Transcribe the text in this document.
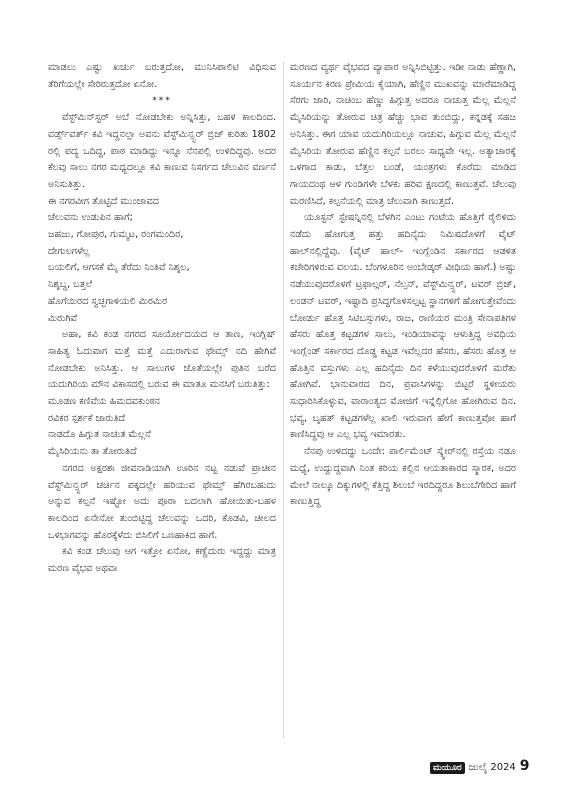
ಮಾಡಲು ಎಷ್ಟು ಖರ್ಚು ಬರುತ್ತದೋ, ಮುನಿಸಿಪಾಲಿಟಿ ವಿಧಿಸುವ ತೆರಿಗೆಯಲ್ಲೇ ಸೇರಿರುತ್ತದೋ ಏನೋ.

***

ವೆಸ್ಟ್‌ಮಿನ್‌ಸ್ಟರ್ ಅಬೆ ನೋಡಬೇಕು ಅನ್ನಿಸಿತ್ತು, ಬಹಳ ಕಾಲದಿಂದ. ವರ್ಡ್ಸ್‌ವರ್ತ್ ಕವಿ ಇದ್ದನಲ್ಲಾ ಅವನು ವೆಸ್ಟ್‌ಮಿನ್ಸ್ಟರ್ ಬ್ರಿಜ್ ಕುರಿತು 1802 ರಲ್ಲಿ ಪದ್ಯ ಒದಿದ್ದ, ಪಾಠ ಮಾಡಿದ್ದು ಇನ್ನೂ ನೆನಪಲ್ಲಿ ಉಳಿದಿದ್ದವು. ಅದರ ಕೆಲವು ಸಾಲು ನಗರ ಮಧ್ಯದಲ್ಲೂ ಕವಿ ಕಾಣುವ ನಿಸರ್ಗದ ಚೆಲುವಿನ ವರ್ಣನೆ ಅನಿಸುತಿತ್ತು.

ಈ ನಗರವೀಗ ತೊಟ್ಟಿದೆ ಮುಂಜಾವದ
ಚೆಲುವನು ಉಡುಪಿನ ಹಾಗೆ;
ಜಹಜು, ಗೋಪುರ, ಗುಮ್ಮಟ, ರಂಗಮಂದಿರ,
ದೇಗುಲಗಳೆಲ್ಲ
ಬಯಲಿಗೆ, ಆಗಸಕೆ ಮೈ ತೆರೆದು ನಿಂತಿವೆ ನಿಶ್ಶಲ,
ನಿಶ್ಶಬ್ದ, ಬತ್ತಲೆ
ಹೊಗೆಯಿರದ ಸ್ವಚ್ಛಗಾಳಿಯಲಿ ಮಿರಮಿರ
ಮಿರುಗಿವೆ

ಅಹಾ, ಕವಿ ಕಂಡ ನಗರದ ಸೂರ್ಯೋದಯದ ಆ ತಾಣ, ಇಂಗ್ಲಿಷ್ ಸಾಹಿತ್ಯ ಓದುವಾಗ ಮತ್ತೆ ಮತ್ತೆ ಎದುರಾಗುವ ಥೇಮ್ಸ್ ನದಿ ಹೇಗಿವೆ ನೋಡಬೇಕು ಅನಿಸಿತ್ತು. ಆ ಸಾಲುಗಳ ಜೊತೆಯಲ್ಲೇ ಪುತಿನ ಬರೆದ ಯದುಗಿರಿಯ ಮೌನ ವಿಕಾಸದಲ್ಲಿ ಬರುವ ಈ ಮಾತೂ ಮನಸಿಗೆ ಬರುತಿತ್ತು:

ಮೂಡಣ ಕಣಿವೆಯ ಹಿಮದವಕುಂಠನ
ರವಿಕರ ಸ್ಪರ್ಶಕೆ ಜಾರುತಿದೆ
ನಾಡದೊ ಹಿಗ್ಗುತ ನಾಚುತ ಮೆಲ್ಲನೆ
ಮೈಸಿರಿಯನು ತಾ ತೋರುತಿದೆ

ನಗರದ ಅಕ್ಷರಶಃ ಜೀವನಾಡಿಯಾಗಿ ಊರಿನ ನಟ್ಟ ನಡುವೆ ಪ್ರಾಚೀನ ವೆಸ್ಟ್‌ಮಿನ್ಸ್ಟರ್ ಚರ್ಚಿನ ಪಕ್ಕದಲ್ಲೇ ಹರಿಯುವ ಥೇಮ್ಸ್ ಹೆಗಿರಬಹುದು ಅನ್ನುವ ಕಲ್ಪನೆ ಇಷ್ಟೋ ಅದು ಪೂರಾ ಬದಲಾಗಿ ಹೋಯಿತು-ಬಹಳ ಕಾಲದಿಂದ ಏನೇನೋ ತುಂಬಿಟ್ಟಿದ್ದ ಚೆಲುವನ್ನು ಒದರಿ, ಕೊಡವಿ, ಚೀಲದ ಒಳಭಾಗವನ್ನು ಹೊರಕ್ಕೆಳೆದು ಬಿಸಿಲಿಗೆ ಒಣಹಾಕಿದ ಹಾಗೆ.

ಕವಿ ಕಂಡ ಚೆಲುವು ಆಗ ಇತ್ತೋ ಏನೋ, ಕಣ್ಣೆದುರು ಇದ್ದದ್ದು ಮಾತ್ರ ಮರಣ ವೈಭವ ಅಥವಾ

ಮರಣದ ವ್ಯರ್ಥ ವೈಭವದ ವ್ಯಾಪಾರ ಅನ್ನಿಸಿಬಿಟ್ಟಿತ್ತು. ಇಡೀ ನಾಡು ಹೆಣ್ಣಾಗಿ, ಸೂರ್ಯನ ಕಿರಣ ಪ್ರೇಮಿಯ ಕೈಯಾಗಿ, ಹೆಣ್ಣಿನ ಮುಖವನ್ನು ಮಾರೆಮಾಡಿದ್ದ ಸೆರಗು ಜಾರಿ, ನಾಚಿಂಬ ಹೆಣ್ಣು ಹಿಗ್ಗುತ್ತ ಅದರೂ ನಾಚುತ್ತ ಮೆಲ್ಲ ಮೆಲ್ಲನೆ ಮೈಸಿರಿಯನ್ನು ತೋರುವ ಚಿತ್ರ ಹೆಚ್ಚು ಭಾವ ತುಂಬಿದ್ದು, ಕನ್ನಡಕ್ಕೆ ಸಹಜ ಅನಿಸಿತ್ತು. ಈಗ ಯಾವ ಯದುಗಿರಿಯಲ್ಲೂ ನಾಚುವ, ಹಿಗ್ಗುವ ಮೆಲ್ಲ ಮೆಲ್ಲನೆ ಮೈಸಿರಿಯ ತೋರುವ ಹೆಣ್ಣಿನ ಕಲ್ಪನೆ ಬರಲು ಸಾಧ್ಯವೇ ಇಲ್ಲ. ಅತ್ಯಾಚಾರಕ್ಕೆ ಒಳಗಾದ ಕಾಡು, ಬೆತ್ತಲ ಬಂಡೆ, ಯಂತ್ರಗಳು ಕೊರೆದು ಮಾಡಿದ ಗಾಯದಂಥ ಆಳ ಗುಂಡಿಗಳೇ ಬೆಳಕು ಹರಿವ ಕ್ಷಣದಲ್ಲಿ ಕಾಣುತ್ತವೆ. ಚೆಲುವು ಮರಣಿಸಿದೆ, ಕಲ್ಪನೆಯಲ್ಲಿ ಮಾತ್ರ ಚೆಲುವಾಗಿ ಕಾಣುತ್ತದೆ.

ಯೂಸ್ಟನ್ ಸ್ಟೇಷನ್ನಿನಲ್ಲಿ ಬೆಳಗಿನ ಎಂಟು ಗಂಟೆಯ ಹೊತ್ತಿಗೆ ರೈಲಿಳಿದು ನಡೆದು ಹೋಗುತ್ತ ಹತ್ತು ಹದಿನೈದು ನಿಮಿಷದೊಳಗೆ ವೈಟ್ ಹಾಲ್‌ನಲ್ಲಿದ್ದೆವು. (ವೈಟ್ ಹಾಲ್- ಇಂಗ್ಲೆಂಡಿನ ಸರ್ಕಾರದ ಆಡಳಿತ ಕಚೇರಿಗಳಿರುವ ವಲಯ. ಬೆಂಗಳೂರಿನ ಅಂಬೇಡ್ಕರ್ ವೀಧಿಯ ಹಾಗೆ.) ಅಷ್ಟು ನಡೆಯುವುದರೊಳಗೆ ಟ್ರಫಾಲ್ಗರ್, ನೆಲ್ಸನ್, ವೆಸ್ಟ್‌ಮಿನ್ಸ್ಟರ್, ಟವರ್ ಬ್ರಿಜ್, ಲಂಡನ್ ಟವರ್, ಇಷ್ಟಾದಿ ಪ್ರಸಿದ್ಧಗೊಳಿಸಲ್ಪಟ್ಟ ಸ್ಥಾನಗಳಿಗೆ ಹೋಗುತ್ತೇವೆಂದು ಬೋರ್ಡು ಹೊತ್ತ ಸಿಟಿಬಸ್ಸುಗಳು, ರಾಜ, ರಾಣಿಯರ ಮಂತ್ರಿ ಸೇನಾಪತಿಗಳ ಹೆಸರು ಹೊತ್ತ ಕಟ್ಟಡಗಳ ಸಾಲು, ಇಂಡಿಯಾವನ್ನು ಆಳುತ್ತಿದ್ದ ಅವಧಿಯ ಇಂಗ್ಲೆಂಡ್ ಸರ್ಕಾರದ ದೊಡ್ಡ ಕಟ್ಟಡ ಇವೆಲ್ಲದರ ಹೆಸರು, ಹೆಸರು ಹೊತ್ತ ಆ ಹೊತ್ತಿನ ವಸ್ತುಗಳು ಎಲ್ಲ ಹದಿನೈದು ದಿನ ಕಳೆಯುವುದರೊಳಗೆ ಮರೆತು ಹೋಗಿವೆ. ಭಾನುವಾರದ ದಿನ, ಪ್ರವಾಸಿಗಳನ್ನು ಬಿಟ್ಟರೆ ಸ್ಥಳೀಯರು ಸುಧಾರಿಸಿಕೊಳ್ಳುವ, ವಾರಾಂತ್ಯದ ಮೋಜಿಗೆ ಇನ್ನೆಲ್ಲಿಗೋ ಹೋಗಿರುವ ದಿನ. ಭವ್ಯ, ಬೃಹತ್ ಕಟ್ಟಡಗಳೆಲ್ಲ ಖಾಲಿ ಇರುವಾಗ ಹೇಗೆ ಕಾಣುತ್ತವೋ ಹಾಗೆ ಕಾಣಿಸಿದ್ದವು ಆ ಎಲ್ಲ ಭವ್ಯ ಇಮಾರತು.

ನೆನಪು ಉಳಿದದ್ದು ಒಂದೇ: ಪಾರ್ಲಿಮೆಂಟ್ ಸ್ಕ್ವೇರ್‌ನಲ್ಲಿ ರಸ್ತೆಯ ನಡೂ ಮಧ್ಯೆ, ಉದ್ದುದ್ದವಾಗಿ ನಿಂತ ಕರಿಯ ಕಲ್ಲಿನ ಆಯತಾಕಾರದ ಸ್ಮಾರಕ, ಅದರ ಮೇಲೆ ನಾಲ್ಕೂ ದಿಕ್ಕುಗಳಲ್ಲಿ ಕೆತ್ತಿದ್ದ ಶಿಲುಬೆ ಇರದಿದ್ದರೂ ಶಿಲುಬೆಗೇರಿದ ಹಾಗೆ ಕಾಣುತ್ತಿದ್ದ

ಮಯೂರ ಜುಲೈ 2024 9
